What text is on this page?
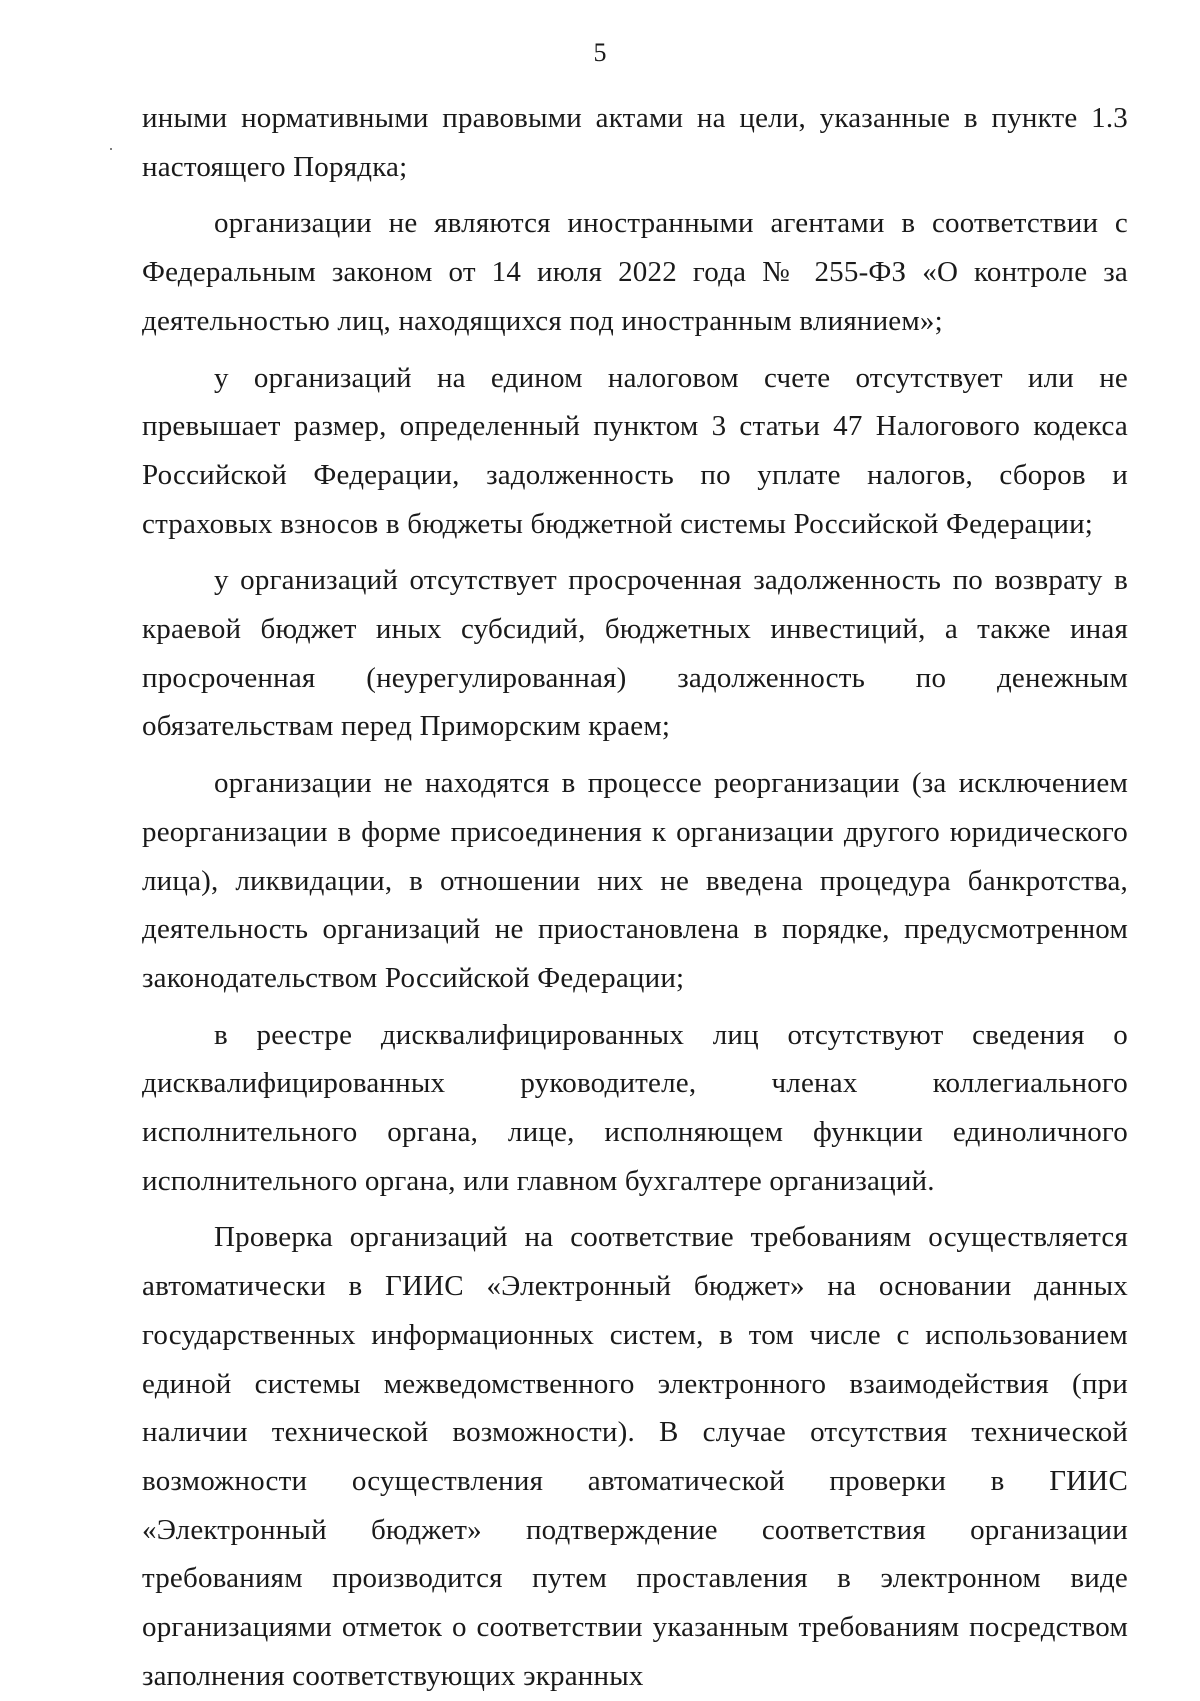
5

иными нормативными правовыми актами на цели, указанные в пункте 1.3 настоящего Порядка;

организации не являются иностранными агентами в соответствии с Федеральным законом от 14 июля 2022 года № 255-ФЗ «О контроле за деятельностью лиц, находящихся под иностранным влиянием»;

у организаций на едином налоговом счете отсутствует или не превышает размер, определенный пунктом 3 статьи 47 Налогового кодекса Российской Федерации, задолженность по уплате налогов, сборов и страховых взносов в бюджеты бюджетной системы Российской Федерации;

у организаций отсутствует просроченная задолженность по возврату в краевой бюджет иных субсидий, бюджетных инвестиций, а также иная просроченная (неурегулированная) задолженность по денежным обязательствам перед Приморским краем;

организации не находятся в процессе реорганизации (за исключением реорганизации в форме присоединения к организации другого юридического лица), ликвидации, в отношении них не введена процедура банкротства, деятельность организаций не приостановлена в порядке, предусмотренном законодательством Российской Федерации;

в реестре дисквалифицированных лиц отсутствуют сведения о дисквалифицированных руководителе, членах коллегиального исполнительного органа, лице, исполняющем функции единоличного исполнительного органа, или главном бухгалтере организаций.

Проверка организаций на соответствие требованиям осуществляется автоматически в ГИИС «Электронный бюджет» на основании данных государственных информационных систем, в том числе с использованием единой системы межведомственного электронного взаимодействия (при наличии технической возможности). В случае отсутствия технической возможности осуществления автоматической проверки в ГИИС «Электронный бюджет» подтверждение соответствия организации требованиям производится путем проставления в электронном виде организациями отметок о соответствии указанным требованиям посредством заполнения соответствующих экранных
